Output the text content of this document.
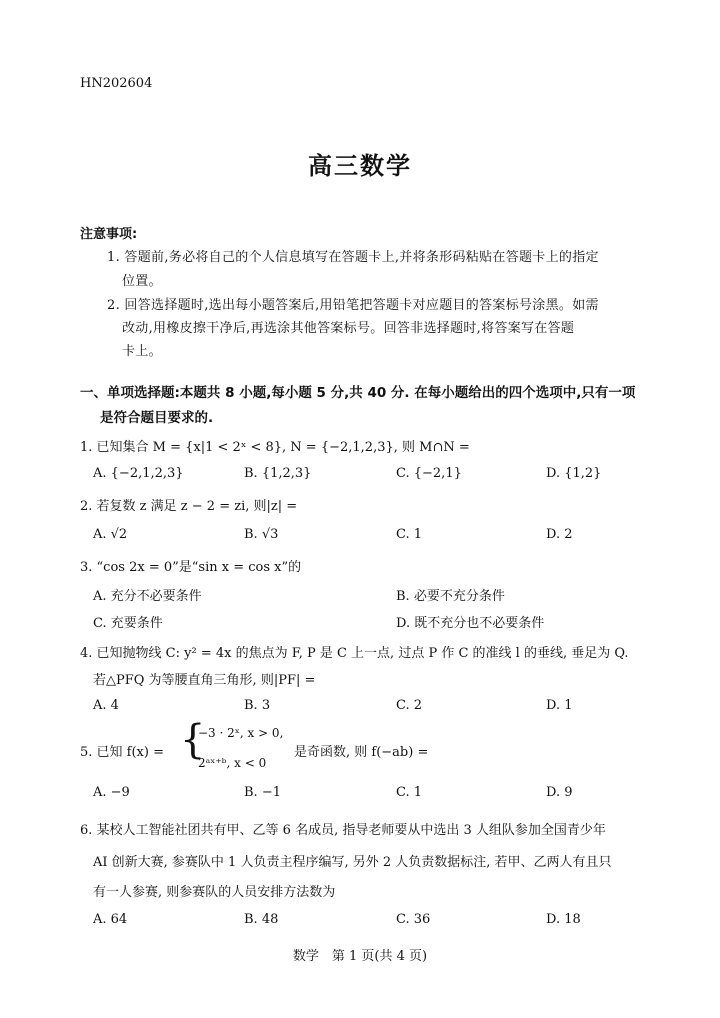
HN202604
高三数学
注意事项:
1. 答题前,务必将自己的个人信息填写在答题卡上,并将条形码粘贴在答题卡上的指定
位置。
2. 回答选择题时,选出每小题答案后,用铅笔把答题卡对应题目的答案标号涂黑。如需
改动,用橡皮擦干净后,再选涂其他答案标号。回答非选择题时,将答案写在答题
卡上。
一、单项选择题:本题共 8 小题,每小题 5 分,共 40 分. 在每小题给出的四个选项中,只有一项
是符合题目要求的.
1. 已知集合 M = {x|1 < 2ˣ < 8}, N = {−2,1,2,3}, 则 M∩N =
A. {−2,1,2,3}	B. {1,2,3}	C. {−2,1}	D. {1,2}
2. 若复数 z 满足 z − 2 = zi, 则|z| =
A. √2	B. √3	C. 1	D. 2
3. “cos 2x = 0”是“sin x = cos x”的
A. 充分不必要条件	B. 必要不充分条件
C. 充要条件	D. 既不充分也不必要条件
4. 已知抛物线 C: y² = 4x 的焦点为 F, P 是 C 上一点, 过点 P 作 C 的准线 l 的垂线, 垂足为 Q.
若△PFQ 为等腰直角三角形, 则|PF| =
A. 4	B. 3	C. 2	D. 1
5. 已知 f(x) = {
−3 · 2ˣ, x > 0,
2ᵃˣ⁺ᵇ, x < 0
是奇函数, 则 f(−ab) =
A. −9	B. −1	C. 1	D. 9
6. 某校人工智能社团共有甲、乙等 6 名成员, 指导老师要从中选出 3 人组队参加全国青少年
AI 创新大赛, 参赛队中 1 人负责主程序编写, 另外 2 人负责数据标注, 若甲、乙两人有且只
有一人参赛, 则参赛队的人员安排方法数为
A. 64	B. 48	C. 36	D. 18
数学　第 1 页(共 4 页)
